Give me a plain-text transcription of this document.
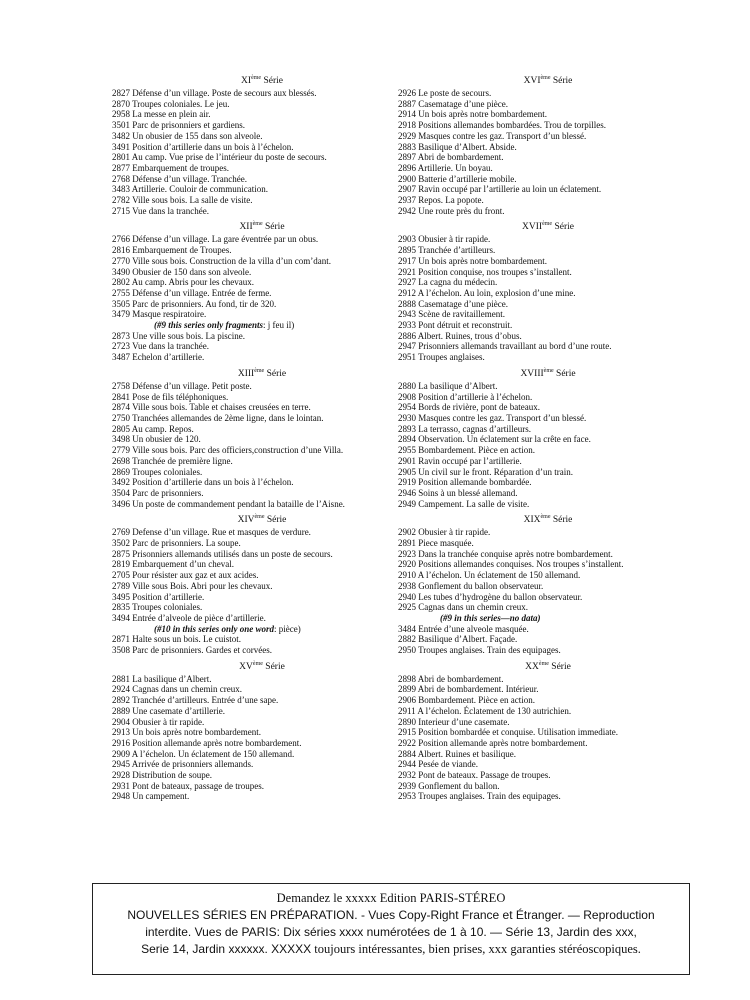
XIème Série
2827 Défense d’un village. Poste de secours aux blessés.
2870 Troupes coloniales. Le jeu.
2958 La messe en plein air.
3501 Parc de prisonniers et gardiens.
3482 Un obusier de 155 dans son alveole.
3491 Position d’artillerie dans un bois à l’échelon.
2801 Au camp. Vue prise de l’intérieur du poste de secours.
2877 Embarquement de troupes.
2768 Défense d’un village. Tranchée.
3483 Artillerie. Couloir de communication.
2782 Ville sous bois. La salle de visite.
2715 Vue dans la tranchée.
XIIème Série
2766 Défense d’un village. La gare éventrée par un obus.
2816 Embarquement de Troupes.
2770 Ville sous bois. Construction de la villa d’un com’dant.
3490 Obusier de 150 dans son alveole.
2802 Au camp. Abris pour les chevaux.
2755 Défense d’un village. Entrée de ferme.
3505 Parc de prisonniers. Au fond, tir de 320.
3479 Masque respiratoire.
(#9 this series only fragments: j feu il)
2873 Une ville sous bois. La piscine.
2723 Vue dans la tranchée.
3487 Echelon d’artillerie.
XIIIème Série
2758 Défense d’un village. Petit poste.
2841 Pose de fils téléphoniques.
2874 Ville sous bois. Table et chaises creusées en terre.
2750 Tranchées allemandes de 2ème ligne, dans le lointan.
2805 Au camp. Repos.
3498 Un obusier de 120.
2779 Ville sous bois. Parc des officiers,construction d’une Villa.
2698 Tranchée de première ligne.
2869 Troupes coloniales.
3492 Position d’artillerie dans un bois à l’échelon.
3504 Parc de prisonniers.
3496 Un poste de commandement pendant la bataille de l’Aisne.
XIVème Série
2769 Defense d’un village. Rue et masques de verdure.
3502 Parc de prisonniers. La soupe.
2875 Prisonniers allemands utilisés dans un poste de secours.
2819 Embarquement d’un cheval.
2705 Pour résister aux gaz et aux acides.
2789 Ville sous Bois. Abri pour les chevaux.
3495 Position d’artillerie.
2835 Troupes coloniales.
3494 Entrée d’alveole de pièce d’artillerie.
(#10 in this series only one word: pièce)
2871 Halte sous un bois. Le cuistot.
3508 Parc de prisonniers. Gardes et corvées.
XVème Série
2881 La basilique d’Albert.
2924 Cagnas dans un chemin creux.
2892 Tranchée d’artilleurs. Entrée d’une sape.
2889 Une casemate d’artillerie.
2904 Obusier à tir rapide.
2913 Un bois après notre bombardement.
2916 Position allemande après notre bombardement.
2909 A l’échelon. Un éclatement de 150 allemand.
2945 Arrivée de prisonniers allemands.
2928 Distribution de soupe.
2931 Pont de bateaux, passage de troupes.
2948 Un campement.
XVIème Série
2926 Le poste de secours.
2887 Casematage d’une pièce.
2914 Un bois après notre bombardement.
2918 Positions allemandes bombardées. Trou de torpilles.
2929 Masques contre les gaz. Transport d’un blessé.
2883 Basilique d’Albert. Abside.
2897 Abri de bombardement.
2896 Artillerie. Un boyau.
2900 Batterie d’artillerie mobile.
2907 Ravin occupé par l’artillerie au loin un éclatement.
2937 Repos. La popote.
2942 Une route près du front.
XVIIème Série
2903 Obusier à tir rapide.
2895 Tranchée d’artilleurs.
2917 Un bois après notre bombardement.
2921 Position conquise, nos troupes s’installent.
2927 La cagna du médecin.
2912 A l’échelon. Au loin, explosion d’une mine.
2888 Casematage d’une pièce.
2943 Scène de ravitaillement.
2933 Pont détruit et reconstruit.
2886 Albert. Ruines, trous d’obus.
2947 Prisonniers allemands travaillant au bord d’une route.
2951 Troupes anglaises.
XVIIIème Série
2880 La basilique d’Albert.
2908 Position d’artillerie à l’échelon.
2954 Bords de rivière, pont de bateaux.
2930 Masques contre les gaz. Transport d’un blessé.
2893 La terrasso, cagnas d’artilleurs.
2894 Observation. Un éclatement sur la crête en face.
2955 Bombardement. Pièce en action.
2901 Ravin occupé par l’artillerie.
2905 Un civil sur le front. Réparation d’un train.
2919 Position allemande bombardée.
2946 Soins à un blessé allemand.
2949 Campement. La salle de visite.
XIXème Série
2902 Obusier à tir rapide.
2891 Piece masquée.
2923 Dans la tranchée conquise après notre bombardement.
2920 Positions allemandes conquises. Nos troupes s’installent.
2910 A l’échelon. Un éclatement de 150 allemand.
2938 Gonflement du ballon observateur.
2940 Les tubes d’hydrogène du ballon observateur.
2925 Cagnas dans un chemin creux.
(#9 in this series—no data)
3484 Entrée d’une alveole masquée.
2882 Basilique d’Albert. Façade.
2950 Troupes anglaises. Train des equipages.
XXème Série
2898 Abri de bombardement.
2899 Abri de bombardement. Intérieur.
2906 Bombardement. Pièce en action.
2911 A l’échelon. Éclatement de 130 autrichien.
2890 Interieur d’une casemate.
2915 Position bombardée et conquise. Utilisation immediate.
2922 Position allemande après notre bombardement.
2884 Albert. Ruines et basilique.
2944 Pesée de viande.
2932 Pont de bateaux. Passage de troupes.
2939 Gonflement du ballon.
2953 Troupes anglaises. Train des equipages.
Demandez le xxxxx Edition PARIS-STÉREO
NOUVELLES SÉRIES EN PRÉPARATION. - Vues Copy-Right France et Étranger. — Reproduction
interdite. Vues de PARIS: Dix séries xxxx numérotées de 1 à 10. — Série 13, Jardin des xxx,
Serie 14, Jardin xxxxxx. XXXXX toujours intéressantes, bien prises, xxx garanties stéréoscopiques.
